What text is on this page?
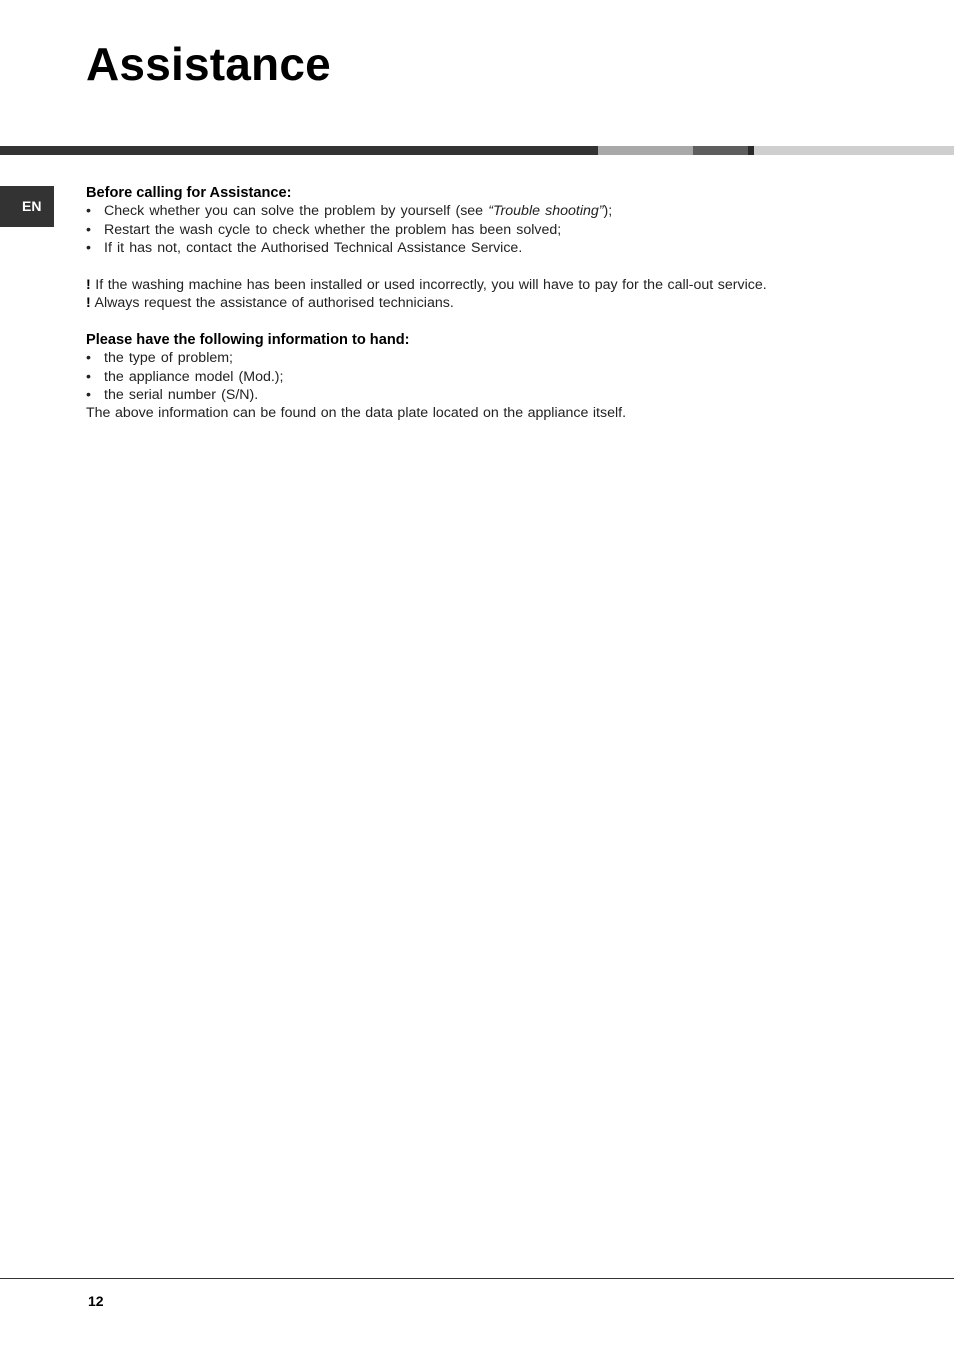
Assistance
EN

Before calling for Assistance:

• Check whether you can solve the problem by yourself (see “Trouble shooting”);
• Restart the wash cycle to check whether the problem has been solved;
• If it has not, contact the Authorised Technical Assistance Service.

! If the washing machine has been installed or used incorrectly, you will have to pay for the call-out service.

! Always request the assistance of authorised technicians.

Please have the following information to hand:

• the type of problem;
• the appliance model (Mod.);
• the serial number (S/N).

The above information can be found on the data plate located on the appliance itself.

12
